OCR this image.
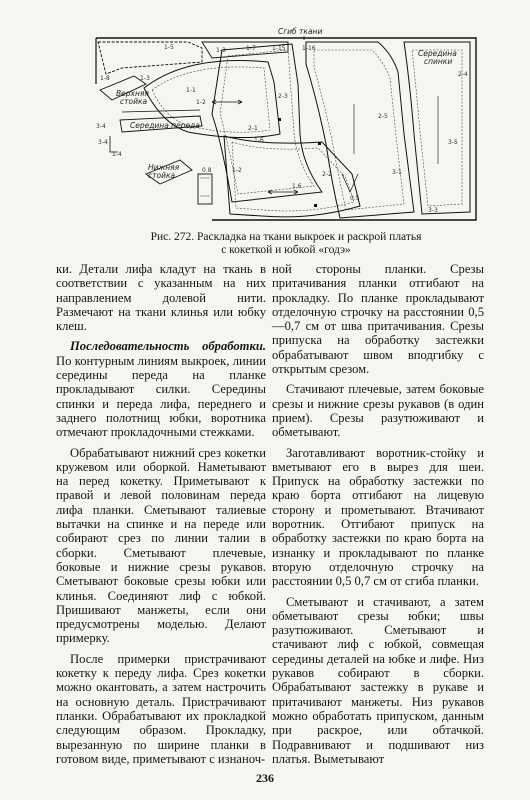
Сгиб ткани
Верхняя
стойка
Середина переда
Нижняя
стойка
Середина
спинки
1-5	1-3
1-8
1-7	1-15	1-16
2-4
3-5
3-4
1-1
1-2
1-3
2-3
0.8
2-5
1.6
1-6
2-1
0.5
3-3
1-4
3-4
2-2	3-1
1-2
Рис. 272. Раскладка на ткани выкроек и раскрой платья
с кокеткой и юбкой «годэ»

ки. Детали лифа кладут на ткань в соответствии с указанным на них направлением долевой нити. Размечают на ткани клинья или юбку клеш.

Последовательность обработки. По контурным линиям выкроек, линии середины переда на планке прокладывают силки. Середины спинки и переда лифа, переднего и заднего полотнищ юбки, воротника отмечают прокладочными стежками.

Обрабатывают нижний срез кокетки кружевом или оборкой. Наметывают на перед кокетку. Приметывают к правой и левой половинам переда лифа планки. Сметывают талиевые вытачки на спинке и на переде или собирают срез по линии талии в сборки. Сметывают плечевые, боковые и нижние срезы рукавов. Сметывают боковые срезы юбки или клинья. Соединяют лиф с юбкой. Пришивают манжеты, если они предусмотрены моделью. Делают примерку.

После примерки пристрачивают кокетку к переду лифа. Срез кокетки можно окантовать, а затем настрочить на основную деталь. Пристрачивают планки. Обрабатывают их прокладкой следующим образом. Прокладку, вырезанную по ширине планки в готовом виде, приметывают с изнаноч-

ной стороны планки. Срезы притачивания планки отгибают на прокладку. По планке прокладывают отделочную строчку на расстоянии 0,5—0,7 см от шва притачивания. Срезы припуска на обработку застежки обрабатывают швом вподгибку с открытым срезом.

Стачивают плечевые, затем боковые срезы и нижние срезы рукавов (в один прием). Срезы разутюживают и обметывают.

Заготавливают воротник-стойку и вметывают его в вырез для шеи. Припуск на обработку застежки по краю борта отгибают на лицевую сторону и прометывают. Втачивают воротник. Отгибают припуск на обработку застежки по краю борта на изнанку и прокладывают по планке вторую отделочную строчку на расстоянии 0,5 0,7 см от сгиба планки.

Сметывают и стачивают, а затем обметывают срезы юбки; швы разутюживают. Сметывают и стачивают лиф с юбкой, совмещая середины деталей на юбке и лифе. Низ рукавов собирают в сборки. Обрабатывают застежку в рукаве и притачивают манжеты. Низ рукавов можно обработать припуском, данным при раскрое, или обтачкой. Подравнивают и подшивают низ платья. Выметывают

236
